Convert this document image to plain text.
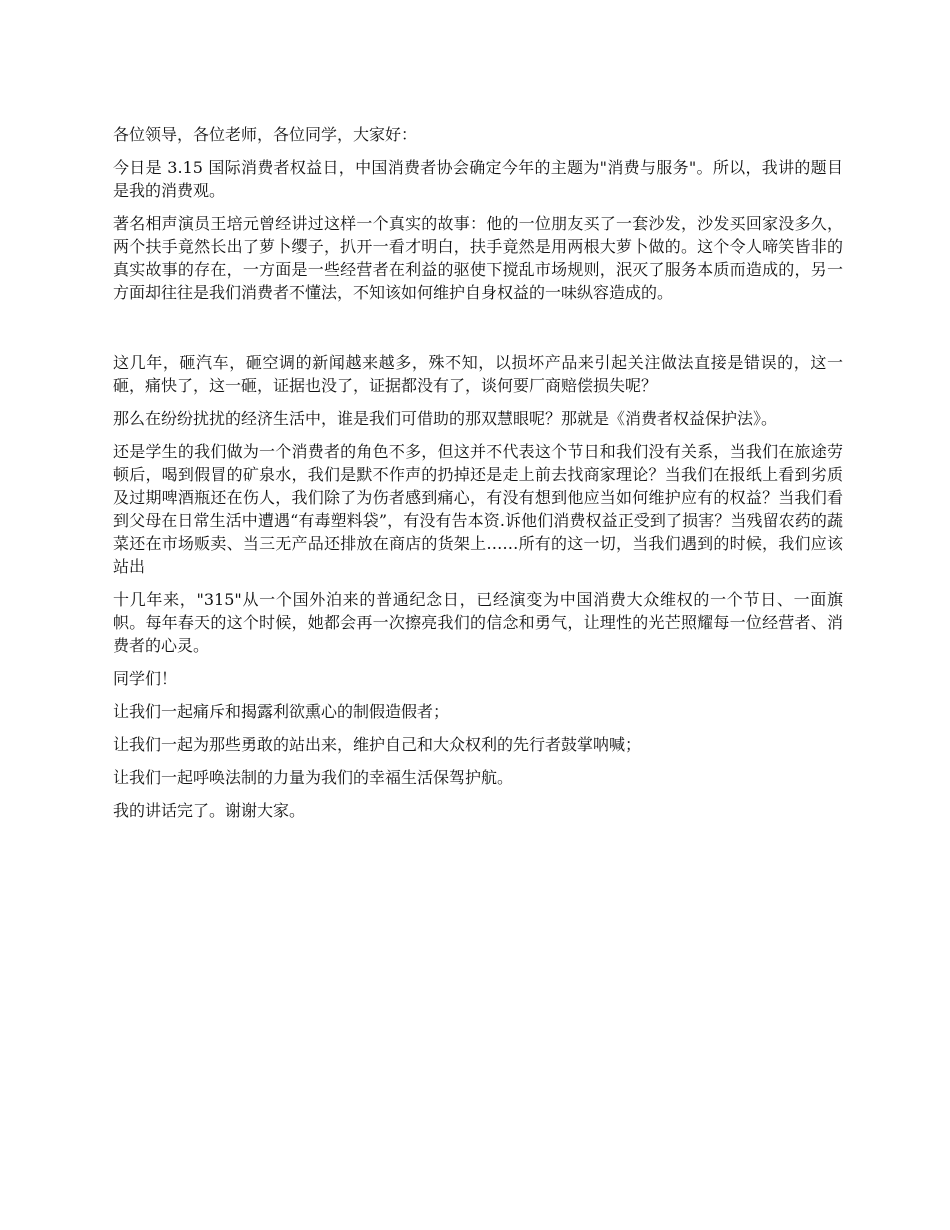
各位领导，各位老师，各位同学，大家好：

今日是 3.15 国际消费者权益日，中国消费者协会确定今年的主题为"消费与服务"。所以，我讲的题目是我的消费观。

著名相声演员王培元曾经讲过这样一个真实的故事：他的一位朋友买了一套沙发，沙发买回家没多久，两个扶手竟然长出了萝卜缨子，扒开一看才明白，扶手竟然是用两根大萝卜做的。这个令人啼笑皆非的真实故事的存在，一方面是一些经营者在利益的驱使下搅乱市场规则，泯灭了服务本质而造成的，另一方面却往往是我们消费者不懂法，不知该如何维护自身权益的一味纵容造成的。

这几年，砸汽车，砸空调的新闻越来越多，殊不知，以损坏产品来引起关注做法直接是错误的，这一砸，痛快了，这一砸，证据也没了，证据都没有了，谈何要厂商赔偿损失呢？

那么在纷纷扰扰的经济生活中，谁是我们可借助的那双慧眼呢？那就是《消费者权益保护法》。

还是学生的我们做为一个消费者的角色不多，但这并不代表这个节日和我们没有关系，当我们在旅途劳顿后，喝到假冒的矿泉水，我们是默不作声的扔掉还是走上前去找商家理论？当我们在报纸上看到劣质及过期啤酒瓶还在伤人，我们除了为伤者感到痛心，有没有想到他应当如何维护应有的权益？当我们看到父母在日常生活中遭遇“有毒塑料袋”，有没有告本资.诉他们消费权益正受到了损害？当残留农药的蔬菜还在市场贩卖、当三无产品还排放在商店的货架上……所有的这一切，当我们遇到的时候，我们应该站出

十几年来，"315"从一个国外泊来的普通纪念日，已经演变为中国消费大众维权的一个节日、一面旗帜。每年春天的这个时候，她都会再一次擦亮我们的信念和勇气，让理性的光芒照耀每一位经营者、消费者的心灵。

同学们！

让我们一起痛斥和揭露利欲熏心的制假造假者；

让我们一起为那些勇敢的站出来，维护自己和大众权利的先行者鼓掌呐喊；

让我们一起呼唤法制的力量为我们的幸福生活保驾护航。

我的讲话完了。谢谢大家。
